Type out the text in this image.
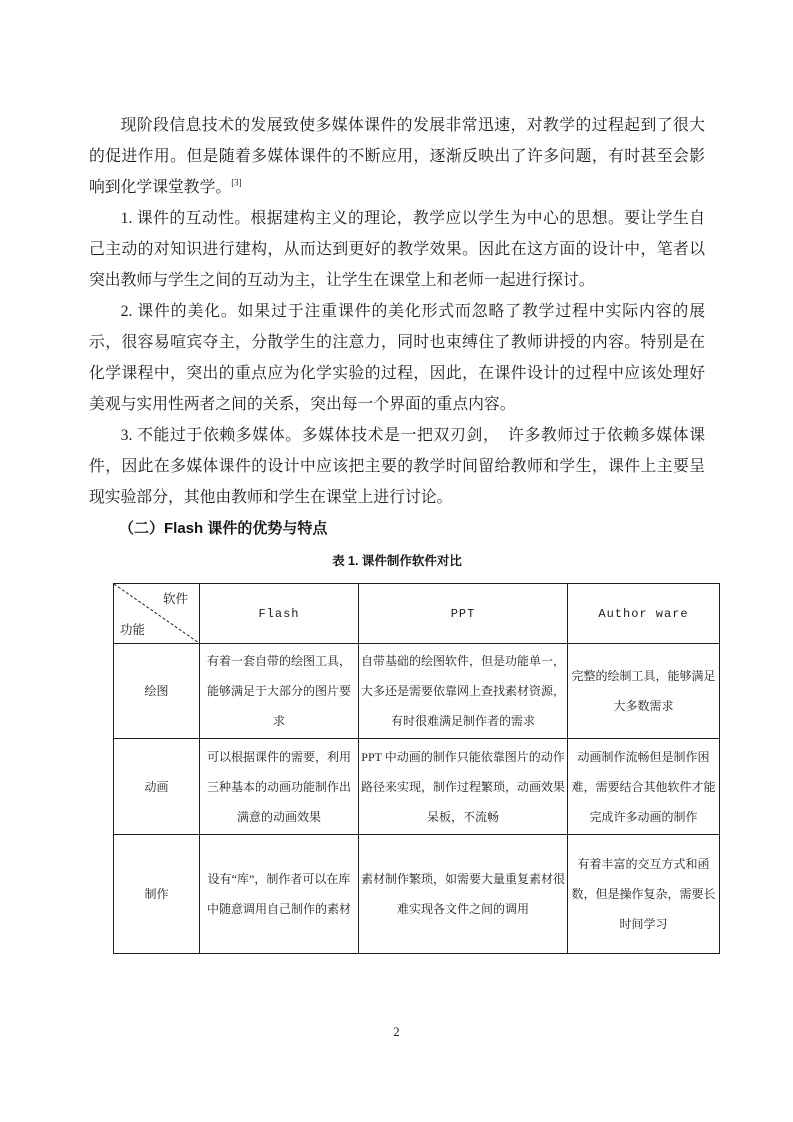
现阶段信息技术的发展致使多媒体课件的发展非常迅速，对教学的过程起到了很大的促进作用。但是随着多媒体课件的不断应用，逐渐反映出了许多问题，有时甚至会影响到化学课堂教学。[3]

1. 课件的互动性。根据建构主义的理论，教学应以学生为中心的思想。要让学生自己主动的对知识进行建构，从而达到更好的教学效果。因此在这方面的设计中，笔者以突出教师与学生之间的互动为主，让学生在课堂上和老师一起进行探讨。

2. 课件的美化。如果过于注重课件的美化形式而忽略了教学过程中实际内容的展示，很容易喧宾夺主，分散学生的注意力，同时也束缚住了教师讲授的内容。特别是在化学课程中，突出的重点应为化学实验的过程，因此，在课件设计的过程中应该处理好美观与实用性两者之间的关系，突出每一个界面的重点内容。

3. 不能过于依赖多媒体。多媒体技术是一把双刃剑，　许多教师过于依赖多媒体课件，因此在多媒体课件的设计中应该把主要的教学时间留给教师和学生，课件上主要呈现实验部分，其他由教师和学生在课堂上进行讨论。

（二）Flash 课件的优势与特点
表 1. 课件制作软件对比
软件
功能	Flash	PPT	Author ware
绘图	有着一套自带的绘图工具，能够满足于大部分的图片要求	自带基础的绘图软件，但是功能单一，大多还是需要依靠网上查找素材资源，有时很难满足制作者的需求	完整的绘制工具，能够满足大多数需求
动画	可以根据课件的需要，利用三种基本的动画功能制作出满意的动画效果	PPT 中动画的制作只能依靠图片的动作路径来实现，制作过程繁琐，动画效果呆板，不流畅	动画制作流畅但是制作困难，需要结合其他软件才能完成许多动画的制作
制作	设有“库”，制作者可以在库中随意调用自己制作的素材	素材制作繁琐，如需要大量重复素材很难实现各文件之间的调用	有着丰富的交互方式和函数，但是操作复杂，需要长时间学习
2
